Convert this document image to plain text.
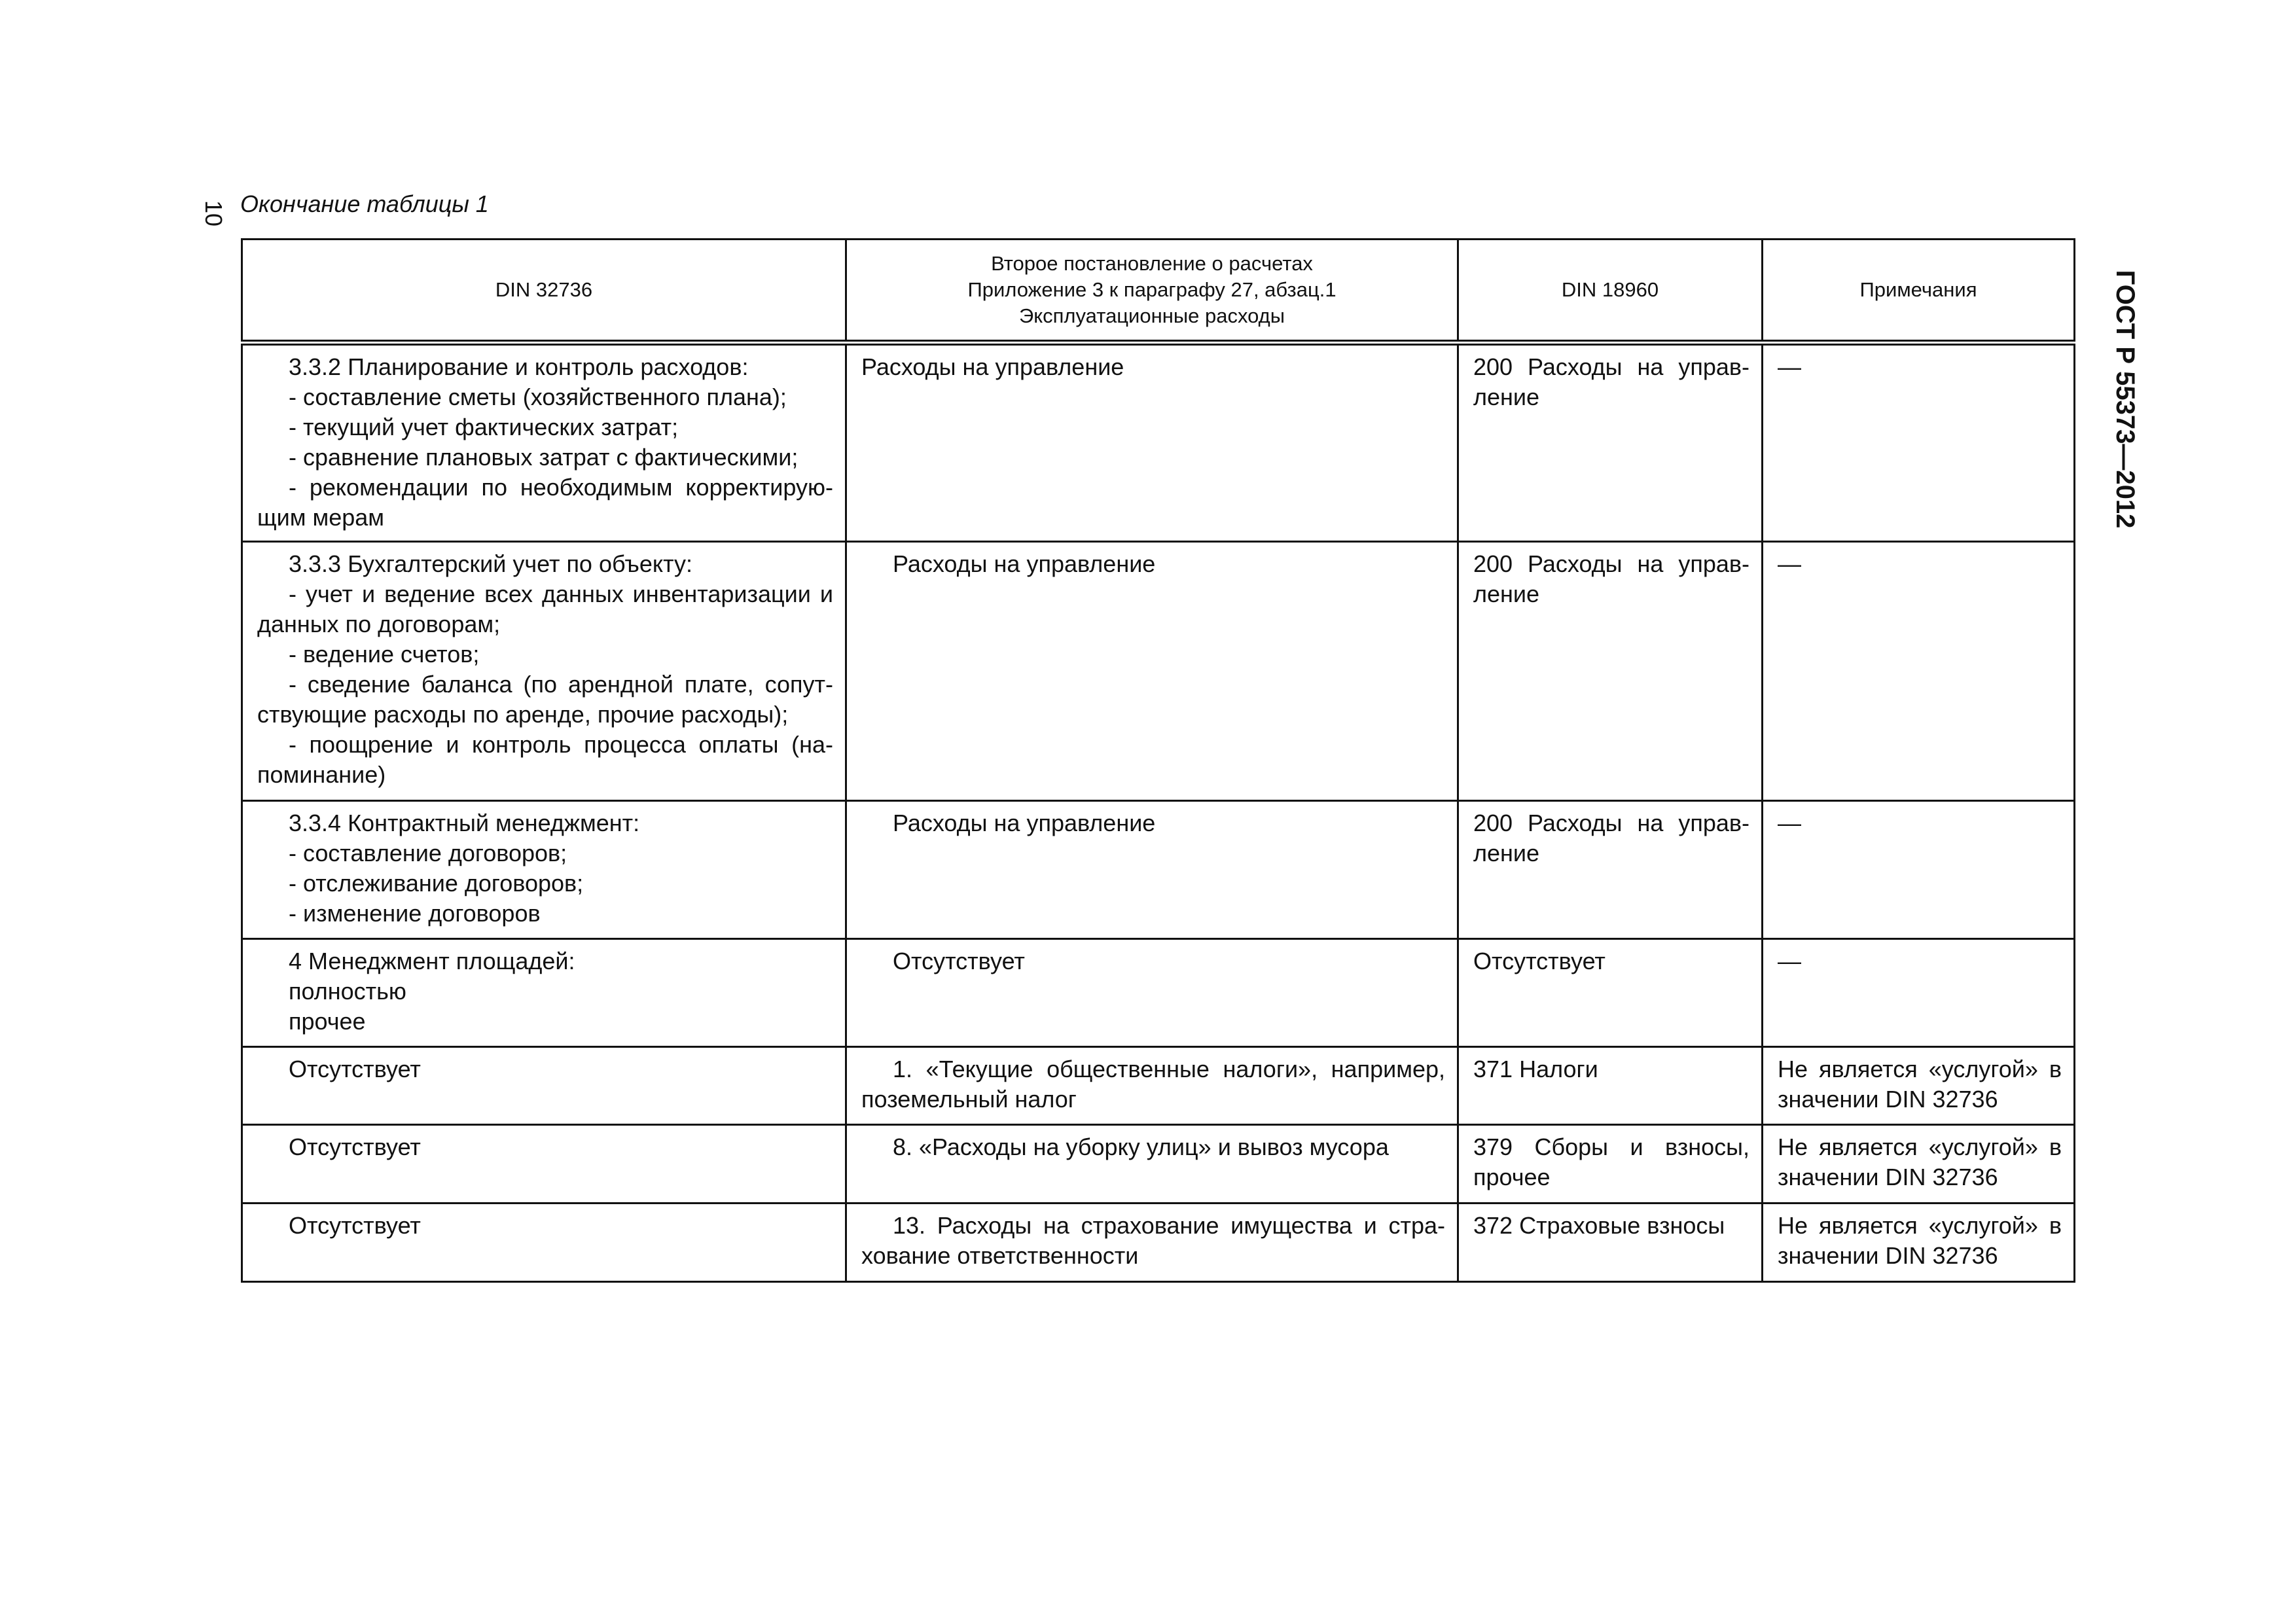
10
ГОСТ Р 55373—2012
Окончание таблицы 1
DIN 32736	Второе постановление о расчетах
Приложение 3 к параграфу 27, абзац.1
Эксплуатационные расходы	DIN 18960	Примечания

3.3.2 Планирование и контроль расходов:
- составление сметы (хозяйственного плана);
- текущий учет фактических затрат;
- сравнение плановых затрат с фактическими;
- рекомендации по необходимым корректирую-щим мерам	Расходы на управление	200 Расходы на управ-ление	—

3.3.3 Бухгалтерский учет по объекту:
- учет и ведение всех данных инвентаризации и данных по договорам;
- ведение счетов;
- сведение баланса (по арендной плате, сопут-ствующие расходы по аренде, прочие расходы);
- поощрение и контроль процесса оплаты (на-поминание)	Расходы на управление	200 Расходы на управ-ление	—

3.3.4 Контрактный менеджмент:
- составление договоров;
- отслеживание договоров;
- изменение договоров	Расходы на управление	200 Расходы на управ-ление	—

4 Менеджмент площадей:
полностью
прочее	Отсутствует	Отсутствует	—

Отсутствует	1. «Текущие общественные налоги», например, поземельный налог	371 Налоги	Не является «услугой» в значении DIN 32736

Отсутствует	8. «Расходы на уборку улиц» и вывоз мусора	379 Сборы и взносы, прочее	Не является «услугой» в значении DIN 32736

Отсутствует	13. Расходы на страхование имущества и стра-хование ответственности	372 Страховые взносы	Не является «услугой» в значении DIN 32736
